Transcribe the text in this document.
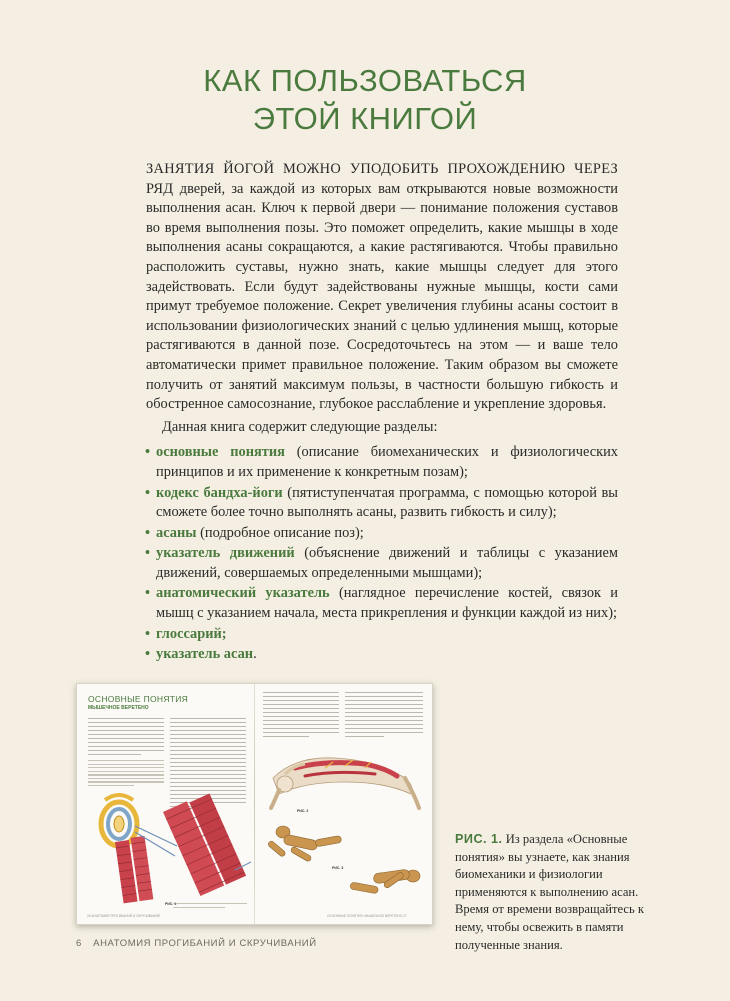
КАК ПОЛЬЗОВАТЬСЯ
ЭТОЙ КНИГОЙ

ЗАНЯТИЯ ЙОГОЙ МОЖНО УПОДОБИТЬ ПРОХОЖДЕНИЮ ЧЕРЕЗ РЯД дверей, за каждой из которых вам открываются новые возможности выполнения асан. Ключ к первой двери — понимание положения суставов во время выполнения позы. Это поможет определить, какие мышцы в ходе выполнения асаны сокращаются, а какие растягиваются. Чтобы правильно расположить суставы, нужно знать, какие мышцы следует для этого задействовать. Если будут задействованы нужные мышцы, кости сами примут требуемое положение. Секрет увеличения глубины асаны состоит в использовании физиологических знаний с целью удлинения мышц, которые растягиваются в данной позе. Сосредоточьтесь на этом — и ваше тело автоматически примет правильное положение. Таким образом вы сможете получить от занятий максимум пользы, в частности большую гибкость и обостренное самосознание, глубокое расслабление и укрепление здоровья.

Данная книга содержит следующие разделы:

• основные понятия (описание биомеханических и физиологических принципов и их применение к конкретным позам);
• кодекс бандха-йоги (пятиступенчатая программа, с помощью которой вы сможете более точно выполнять асаны, развить гибкость и силу);
• асаны (подробное описание поз);
• указатель движений (объяснение движений и таблицы с указанием движений, совершаемых определенными мышцами);
• анатомический указатель (наглядное перечисление костей, связок и мышц с указанием начала, места прикрепления и функции каждой из них);
• глоссарий;
• указатель асан.
ОСНОВНЫЕ ПОНЯТИЯ
МЫШЕЧНОЕ ВЕРЕТЕНО
РИС. 1
26 АНАТОМИЯ ПРОГИБАНИЙ И СКРУЧИВАНИЙ
РИС. 2
РИС. 3
ОСНОВНЫЕ ПОНЯТИЯ: МЫШЕЧНОЕ ВЕРЕТЕНО 27
РИС. 1. Из раздела «Основные понятия» вы узнаете, как знания биомеханики и физиологии применяются к выполнению асан. Время от времени возвращайтесь к нему, чтобы освежить в памяти полученные знания.
6 АНАТОМИЯ ПРОГИБАНИЙ И СКРУЧИВАНИЙ
